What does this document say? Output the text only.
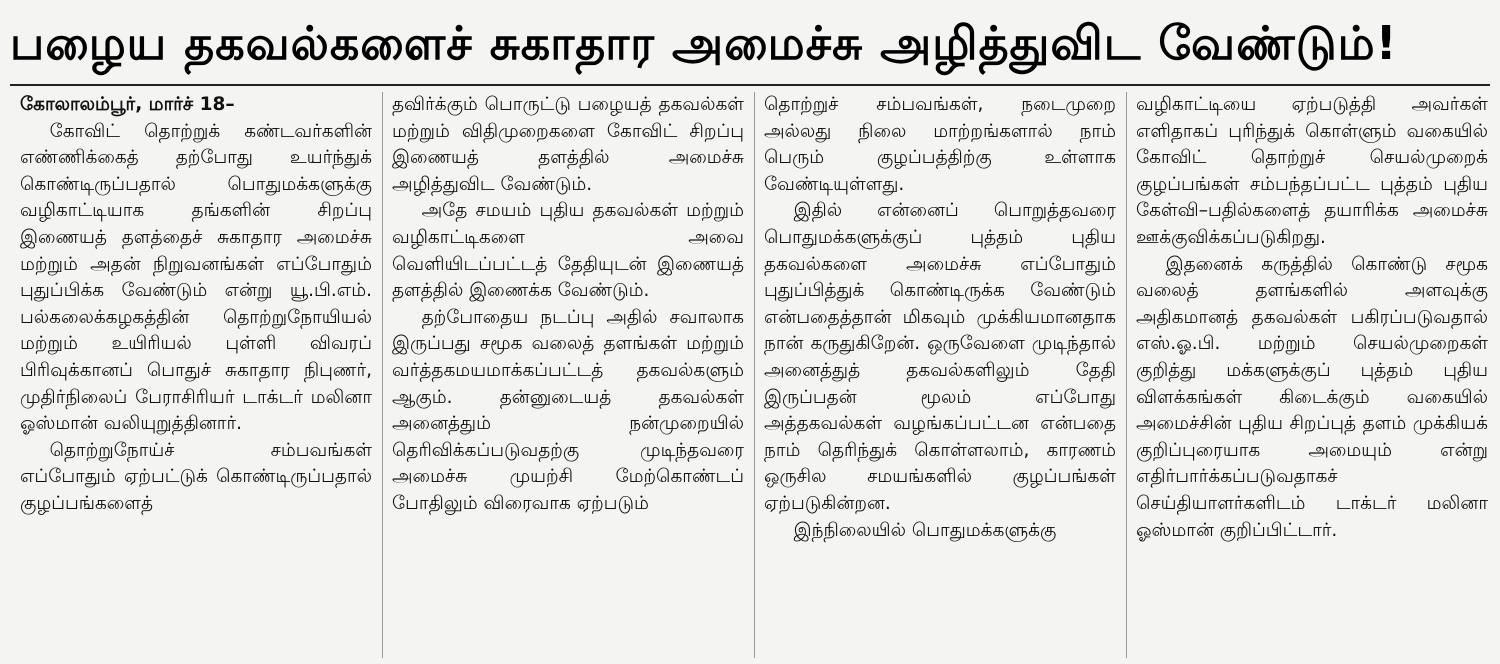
பழைய தகவல்களைச் சுகாதார அமைச்சு அழித்துவிட வேண்டும்!

கோலாலம்பூர், மார்ச் 18–

கோவிட் தொற்றுக் கண்டவர்களின் எண்ணிக்கைத் தற்போது உயர்ந்துக் கொண்டிருப்பதால் பொதுமக்களுக்கு வழிகாட்டியாக தங்களின் சிறப்பு இணையத் தளத்தைச் சுகாதார அமைச்சு மற்றும் அதன் நிறுவனங்கள் எப்போதும் புதுப்பிக்க வேண்டும் என்று யூ.பி.எம். பல்கலைக்கழகத்தின் தொற்றுநோயியல் மற்றும் உயிரியல் புள்ளி விவரப் பிரிவுக்கானப் பொதுச் சுகாதார நிபுணர், முதிர்நிலைப் பேராசிரியர் டாக்டர் மலினா ஓஸ்மான் வலியுறுத்தினார்.

தொற்றுநோய்ச் சம்பவங்கள் எப்போதும் ஏற்பட்டுக் கொண்டிருப்பதால் குழப்பங்களைத்

தவிர்க்கும் பொருட்டு பழையத் தகவல்கள் மற்றும் விதிமுறைகளை கோவிட் சிறப்பு இணையத் தளத்தில் அமைச்சு அழித்துவிட வேண்டும்.

அதே சமயம் புதிய தகவல்கள் மற்றும் வழிகாட்டிகளை அவை வெளியிடப்பட்டத் தேதியுடன் இணையத் தளத்தில் இணைக்க வேண்டும்.

தற்போதைய நடப்பு அதில் சவாலாக இருப்பது சமூக வலைத் தளங்கள் மற்றும் வர்த்தகமயமாக்கப்பட்டத் தகவல்களும் ஆகும். தன்னுடையத் தகவல்கள் அனைத்தும் நன்முறையில் தெரிவிக்கப்படுவதற்கு முடிந்தவரை அமைச்சு முயற்சி மேற்கொண்டப் போதிலும் விரைவாக ஏற்படும்

தொற்றுச் சம்பவங்கள், நடைமுறை அல்லது நிலை மாற்றங்களால் நாம் பெரும் குழப்பத்திற்கு உள்ளாக வேண்டியுள்ளது.

இதில் என்னைப் பொறுத்தவரை பொதுமக்களுக்குப் புத்தம் புதிய தகவல்களை அமைச்சு எப்போதும் புதுப்பித்துக் கொண்டிருக்க வேண்டும் என்பதைத்தான் மிகவும் முக்கியமானதாக நான் கருதுகிறேன். ஒருவேளை முடிந்தால் அனைத்துத் தகவல்களிலும் தேதி இருப்பதன் மூலம் எப்போது அத்தகவல்கள் வழங்கப்பட்டன என்பதை நாம் தெரிந்துக் கொள்ளலாம், காரணம் ஒருசில சமயங்களில் குழப்பங்கள் ஏற்படுகின்றன.

இந்நிலையில் பொதுமக்களுக்கு

வழிகாட்டியை ஏற்படுத்தி அவர்கள் எளிதாகப் புரிந்துக் கொள்ளும் வகையில் கோவிட் தொற்றுச் செயல்முறைக் குழப்பங்கள் சம்பந்தப்பட்ட புத்தம் புதிய கேள்வி–பதில்களைத் தயாரிக்க அமைச்சு ஊக்குவிக்கப்படுகிறது.

இதனைக் கருத்தில் கொண்டு சமூக வலைத் தளங்களில் அளவுக்கு அதிகமானத் தகவல்கள் பகிரப்படுவதால் எஸ்.ஓ.பி. மற்றும் செயல்முறைகள் குறித்து மக்களுக்குப் புத்தம் புதிய விளக்கங்கள் கிடைக்கும் வகையில் அமைச்சின் புதிய சிறப்புத் தளம் முக்கியக் குறிப்புரையாக அமையும் என்று எதிர்பார்க்கப்படுவதாகச் செய்தியாளர்களிடம் டாக்டர் மலினா ஓஸ்மான் குறிப்பிட்டார்.
